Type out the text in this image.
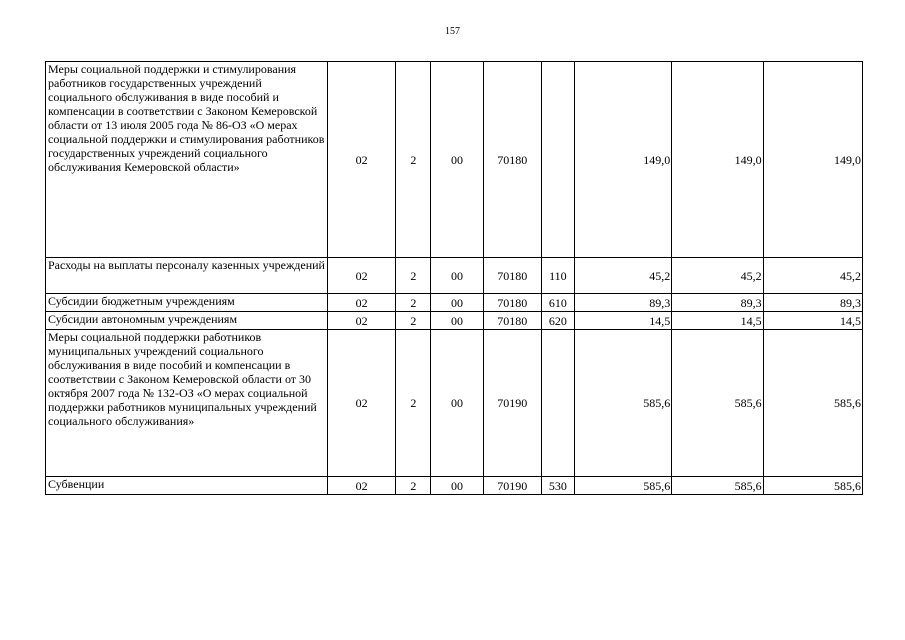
157
Меры социальной поддержки и стимулирования работников государственных учреждений социального обслуживания в виде пособий и компенсации в соответствии с Законом Кемеровской области от 13 июля 2005 года № 86-ОЗ «О мерах социальной поддержки и стимулирования работников государственных учреждений социального обслуживания Кемеровской области»	02	2	00	70180		149,0	149,0	149,0
Расходы на выплаты персоналу казенных учреждений	02	2	00	70180	110	45,2	45,2	45,2
Субсидии бюджетным учреждениям	02	2	00	70180	610	89,3	89,3	89,3
Субсидии автономным учреждениям	02	2	00	70180	620	14,5	14,5	14,5
Меры социальной поддержки работников муниципальных учреждений социального обслуживания в виде пособий и компенсации в соответствии с Законом Кемеровской области от 30 октября 2007 года № 132-ОЗ «О мерах социальной поддержки работников муниципальных учреждений социального обслуживания»	02	2	00	70190		585,6	585,6	585,6
Субвенции	02	2	00	70190	530	585,6	585,6	585,6
